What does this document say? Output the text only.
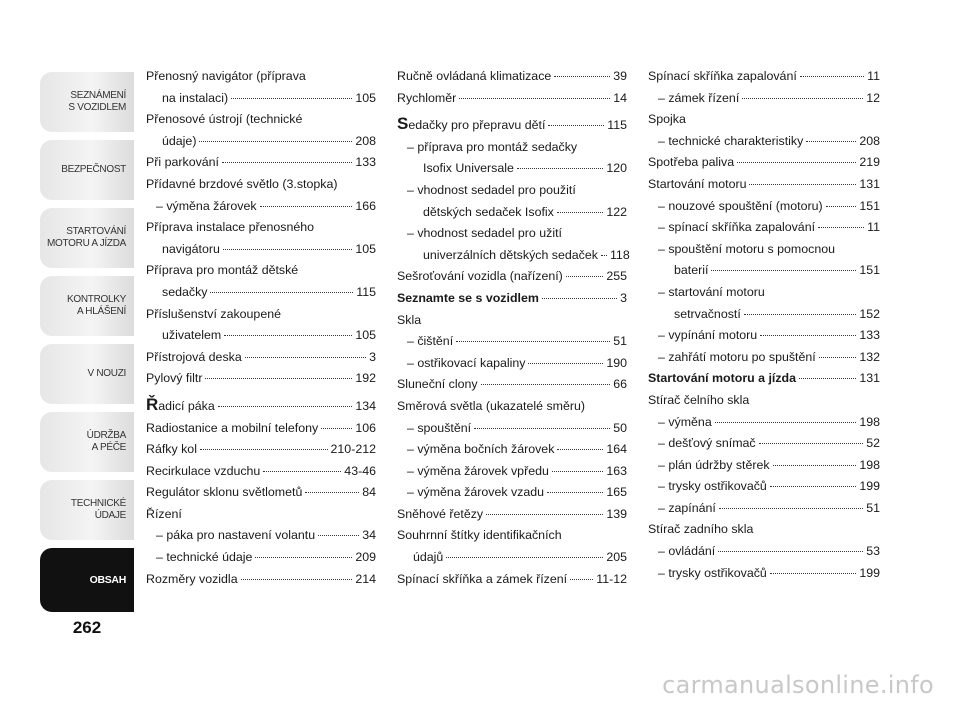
SEZNÁMENÍ
S VOZIDLEM
BEZPEČNOST
STARTOVÁNÍ
MOTORU A JÍZDA
KONTROLKY
A HLÁŠENÍ
V NOUZI
ÚDRŽBA
A PÉČE
TECHNICKÉ
ÚDAJE
OBSAH
262
Přenosný navigátor (příprava
na instalaci)	105
Přenosové ústrojí (technické
údaje)	208
Při parkování	133
Přídavné brzdové světlo (3.stopka)
– výměna žárovek	166
Příprava instalace přenosného
navigátoru	105
Příprava pro montáž dětské
sedačky	115
Příslušenství zakoupené
uživatelem	105
Přístrojová deska	3
Pylový filtr	192
Řadicí páka	134
Radiostanice a mobilní telefony	106
Ráfky kol	210-212
Recirkulace vzduchu	43-46
Regulátor sklonu světlometů	84
Řízení
– páka pro nastavení volantu	34
– technické údaje	209
Rozměry vozidla	214
Ručně ovládaná klimatizace	39
Rychloměr	14
Sedačky pro přepravu dětí	115
– příprava pro montáž sedačky
Isofix Universale	120
– vhodnost sedadel pro použití
dětských sedaček Isofix	122
– vhodnost sedadel pro užití
univerzálních dětských sedaček 118
Sešroťování vozidla (nařízení)	255
Seznamte se s vozidlem	3
Skla
– čištění	51
– ostřikovací kapaliny	190
Sluneční clony	66
Směrová světla (ukazatelé směru)
– spouštění	50
– výměna bočních žárovek	164
– výměna žárovek vpředu	163
– výměna žárovek vzadu	165
Sněhové řetězy	139
Souhrnní štítky identifikačních
údajů	205
Spínací skříňka a zámek řízení 11-12
Spínací skříňka zapalování	11
– zámek řízení	12
Spojka
– technické charakteristiky	208
Spotřeba paliva	219
Startování motoru	131
– nouzové spouštění (motoru)	151
– spínací skříňka zapalování	11
– spouštění motoru s pomocnou
baterií	151
– startování motoru
setrvačností	152
– vypínání motoru	133
– zahřátí motoru po spuštění	132
Startování motoru a jízda	131
Stírač čelního skla
– výměna	198
– dešťový snímač	52
– plán údržby stěrek	198
– trysky ostřikovačů	199
– zapínání	51
Stírač zadního skla
– ovládání	53
– trysky ostřikovačů	199
carmanualsonline.info
